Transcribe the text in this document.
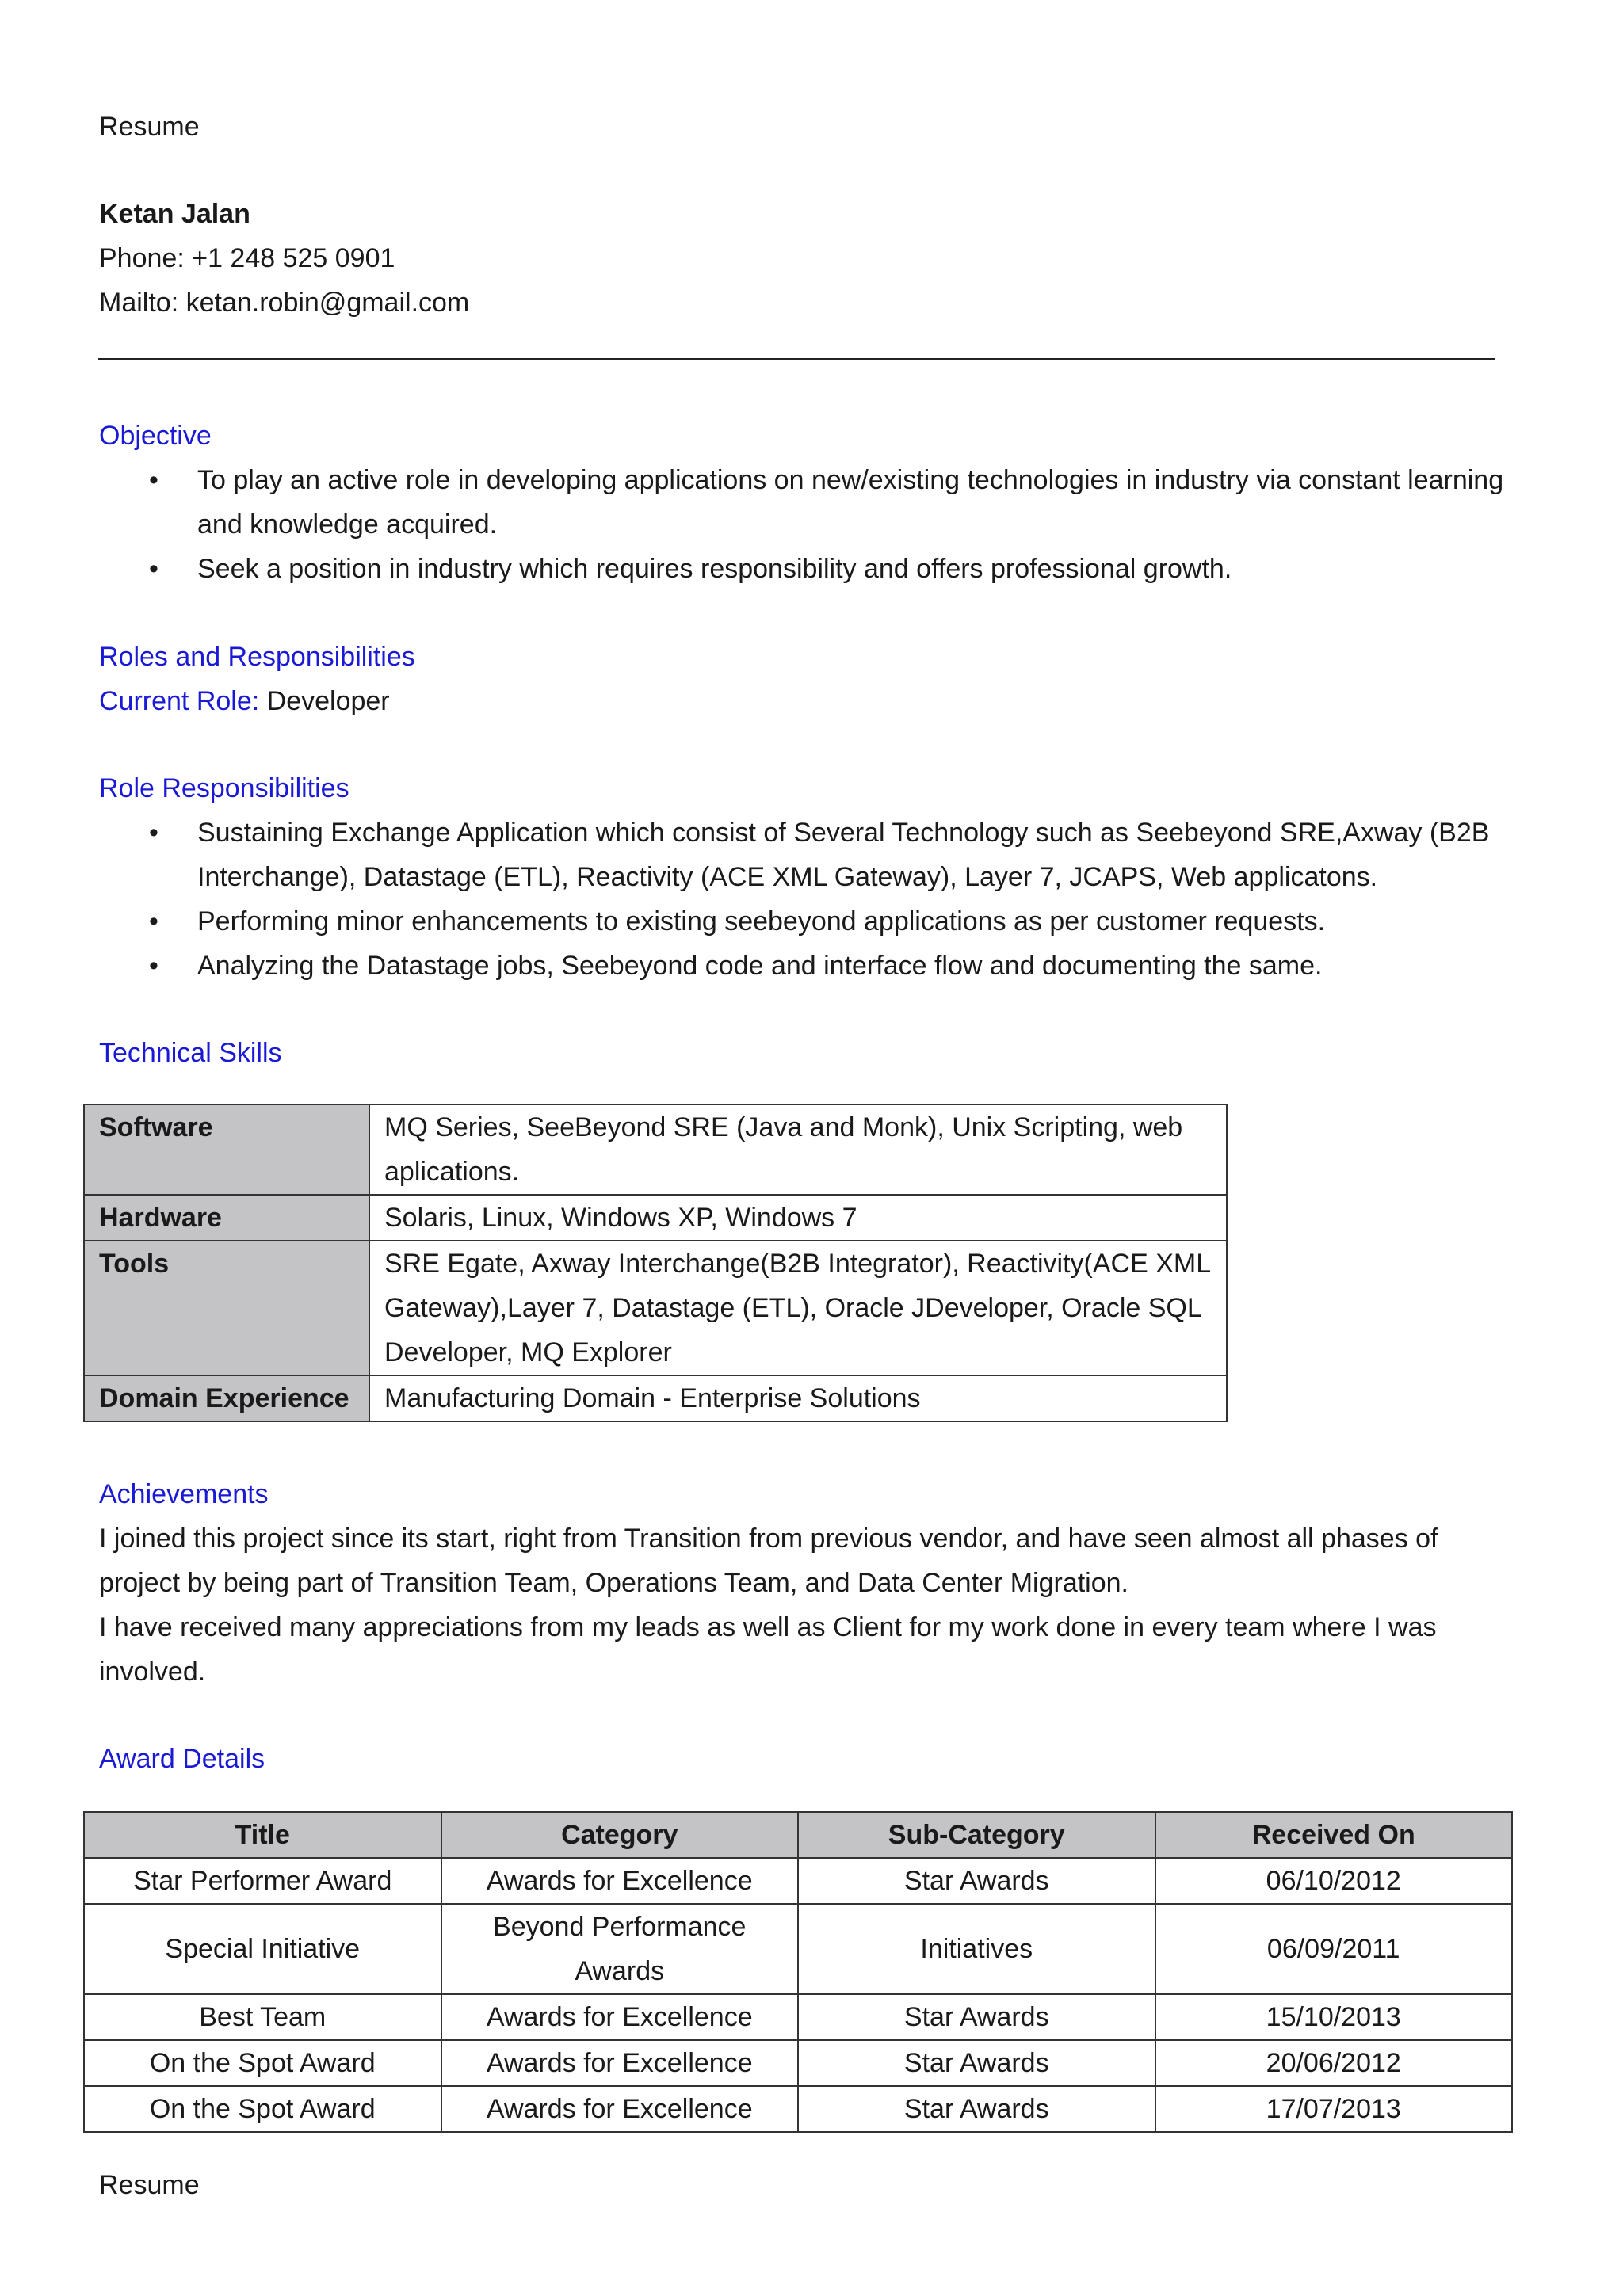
Resume
Ketan Jalan
Phone: +1 248 525 0901
Mailto: ketan.robin@gmail.com
Objective
• To play an active role in developing applications on new/existing technologies in industry via constant learning and knowledge acquired.
• Seek a position in industry which requires responsibility and offers professional growth.
Roles and Responsibilities
Current Role: Developer
Role Responsibilities
• Sustaining Exchange Application which consist of Several Technology such as Seebeyond SRE,Axway (B2B Interchange), Datastage (ETL), Reactivity (ACE XML Gateway), Layer 7, JCAPS, Web applicatons.
• Performing minor enhancements to existing seebeyond applications as per customer requests.
• Analyzing the Datastage jobs, Seebeyond code and interface flow and documenting the same.
Technical Skills
Software	MQ Series, SeeBeyond SRE (Java and Monk), Unix Scripting, web aplications.
Hardware	Solaris, Linux, Windows XP, Windows 7
Tools	SRE Egate, Axway Interchange(B2B Integrator), Reactivity(ACE XML Gateway),Layer 7, Datastage (ETL), Oracle JDeveloper, Oracle SQL Developer, MQ Explorer
Domain Experience	Manufacturing Domain - Enterprise Solutions
Achievements
I joined this project since its start, right from Transition from previous vendor, and have seen almost all phases of project by being part of Transition Team, Operations Team, and Data Center Migration.
I have received many appreciations from my leads as well as Client for my work done in every team where I was involved.
Award Details
Title	Category	Sub-Category	Received On
Star Performer Award	Awards for Excellence	Star Awards	06/10/2012
Special Initiative	Beyond Performance Awards	Initiatives	06/09/2011
Best Team	Awards for Excellence	Star Awards	15/10/2013
On the Spot Award	Awards for Excellence	Star Awards	20/06/2012
On the Spot Award	Awards for Excellence	Star Awards	17/07/2013
Resume
